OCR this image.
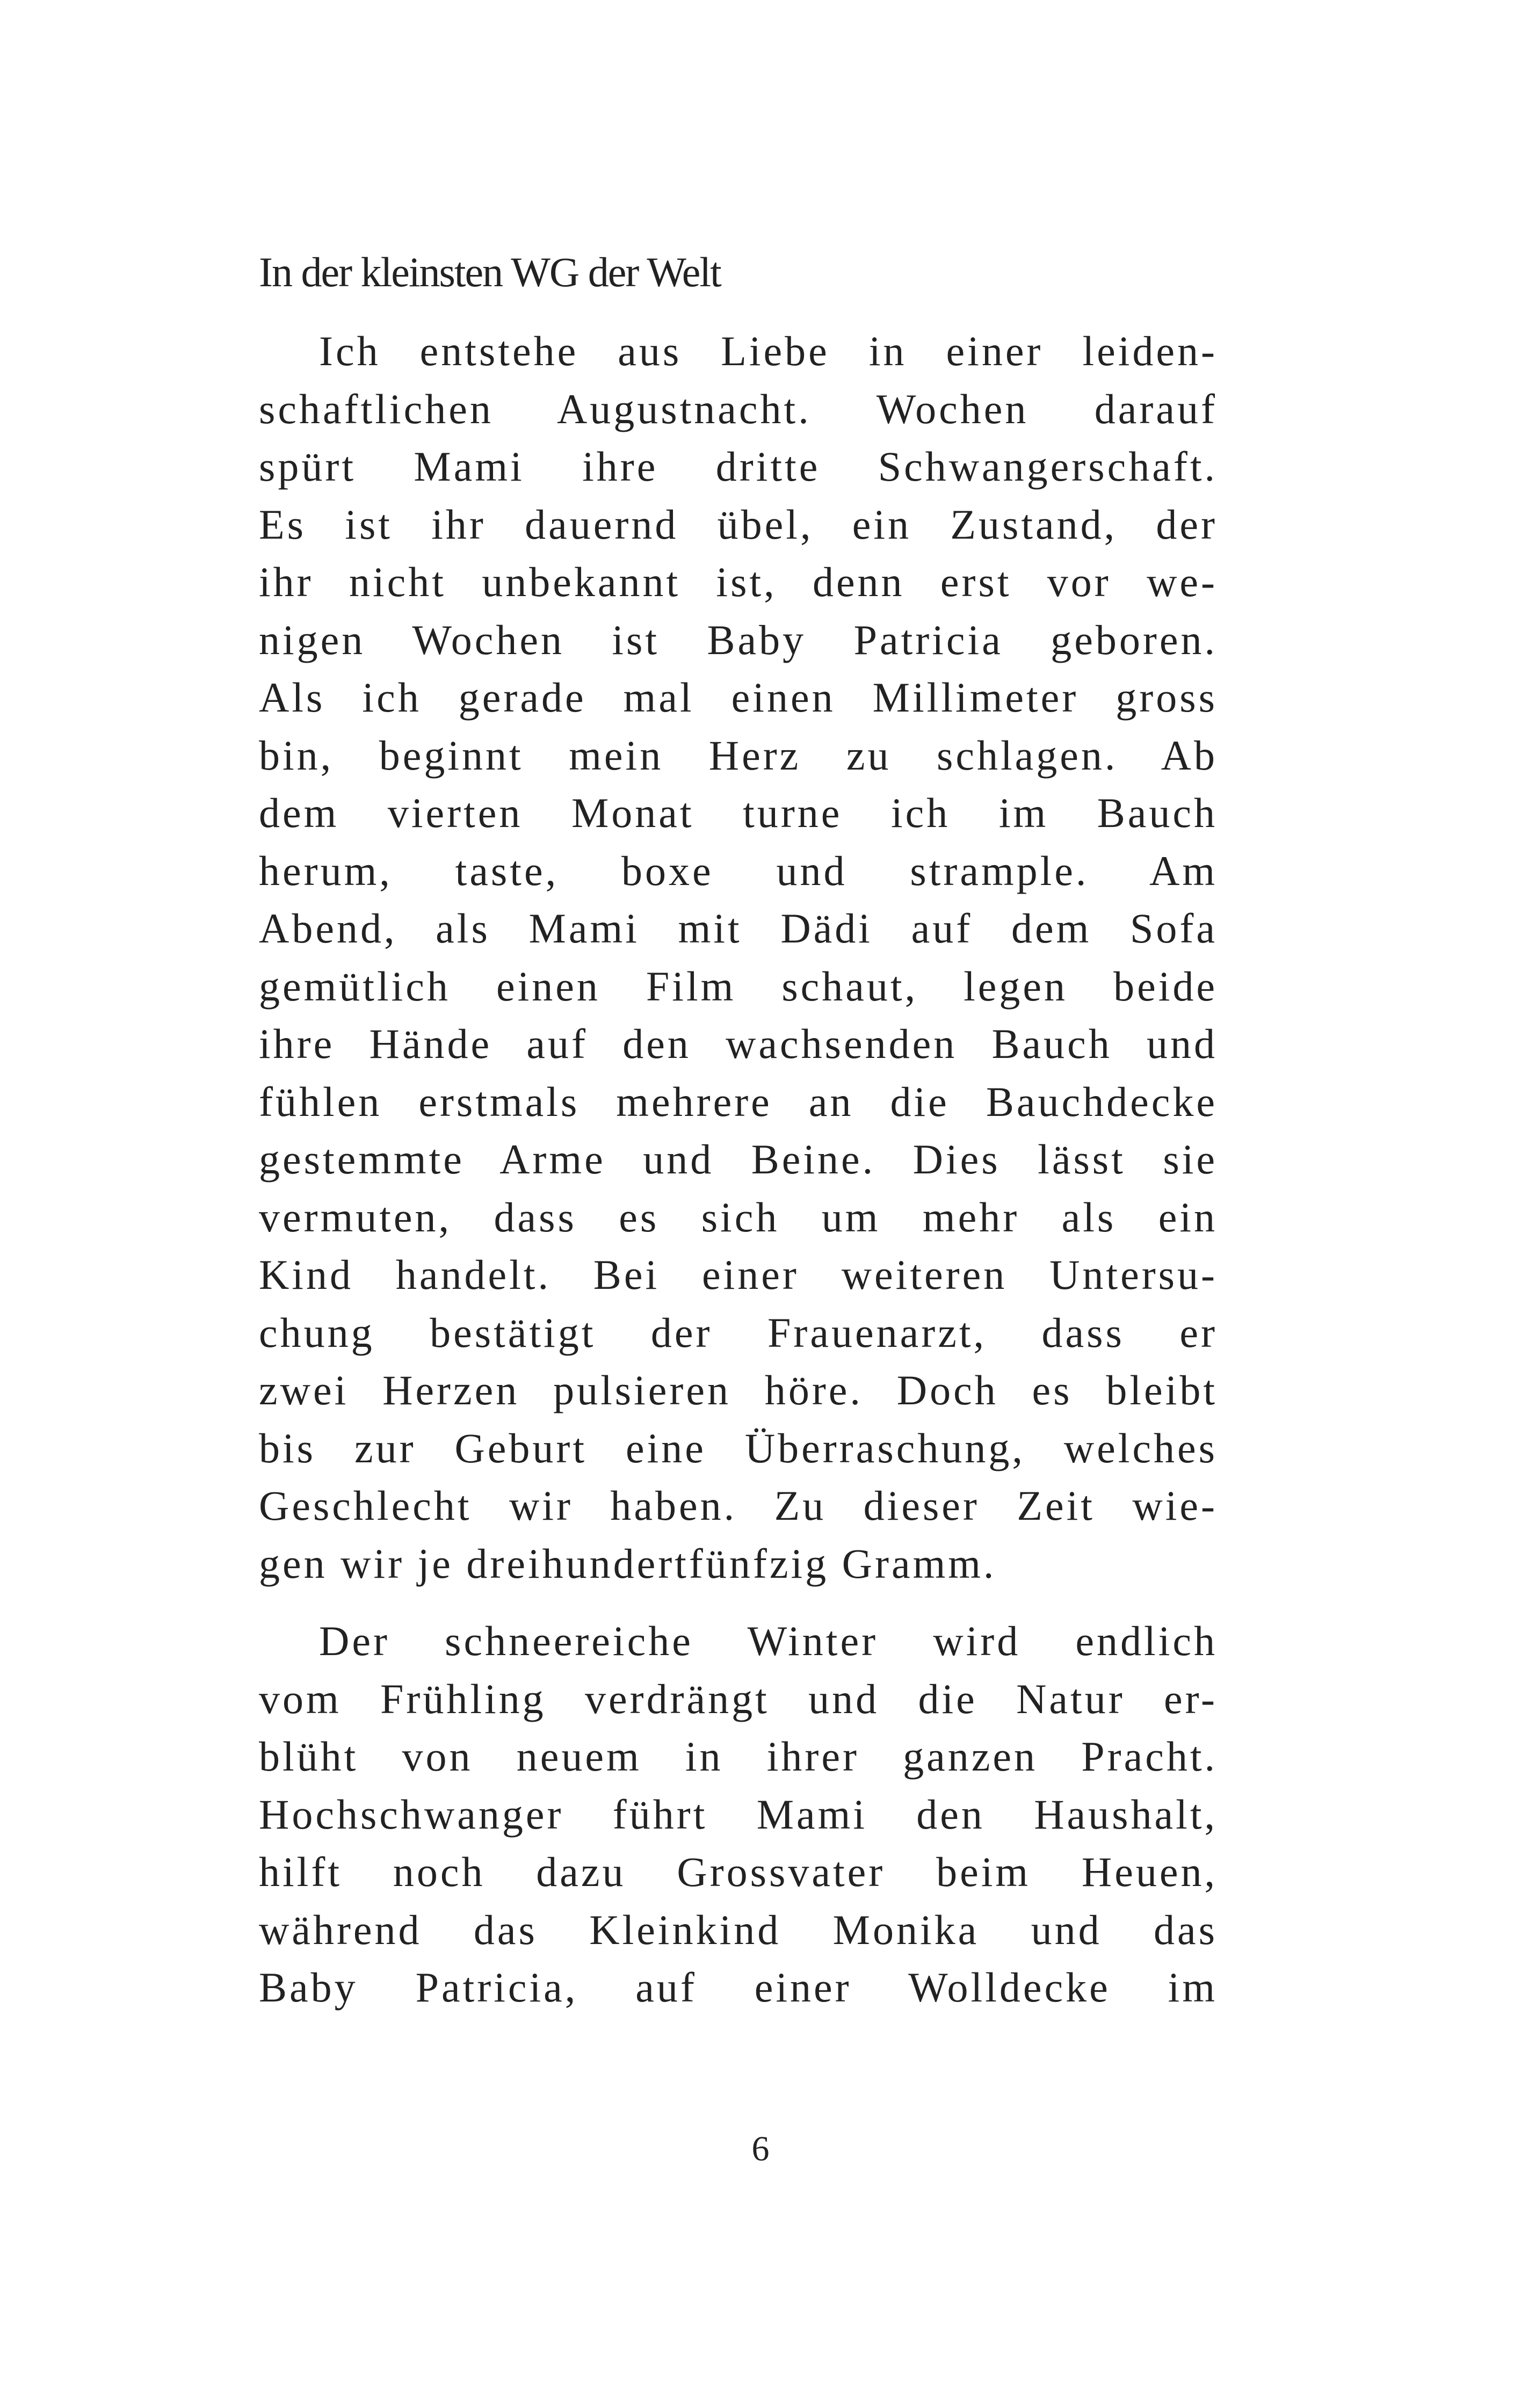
In der kleinsten WG der Welt
Ich entstehe aus Liebe in einer leiden-
schaftlichen Augustnacht. Wochen darauf
spürt Mami ihre dritte Schwangerschaft.
Es ist ihr dauernd übel, ein Zustand, der
ihr nicht unbekannt ist, denn erst vor we-
nigen Wochen ist Baby Patricia geboren.
Als ich gerade mal einen Millimeter gross
bin, beginnt mein Herz zu schlagen. Ab
dem vierten Monat turne ich im Bauch
herum, taste, boxe und strample. Am
Abend, als Mami mit Dädi auf dem Sofa
gemütlich einen Film schaut, legen beide
ihre Hände auf den wachsenden Bauch und
fühlen erstmals mehrere an die Bauchdecke
gestemmte Arme und Beine. Dies lässt sie
vermuten, dass es sich um mehr als ein
Kind handelt. Bei einer weiteren Untersu-
chung bestätigt der Frauenarzt, dass er
zwei Herzen pulsieren höre. Doch es bleibt
bis zur Geburt eine Überraschung, welches
Geschlecht wir haben. Zu dieser Zeit wie-
gen wir je dreihundertfünfzig Gramm.
Der schneereiche Winter wird endlich
vom Frühling verdrängt und die Natur er-
blüht von neuem in ihrer ganzen Pracht.
Hochschwanger führt Mami den Haushalt,
hilft noch dazu Grossvater beim Heuen,
während das Kleinkind Monika und das
Baby Patricia, auf einer Wolldecke im

6
